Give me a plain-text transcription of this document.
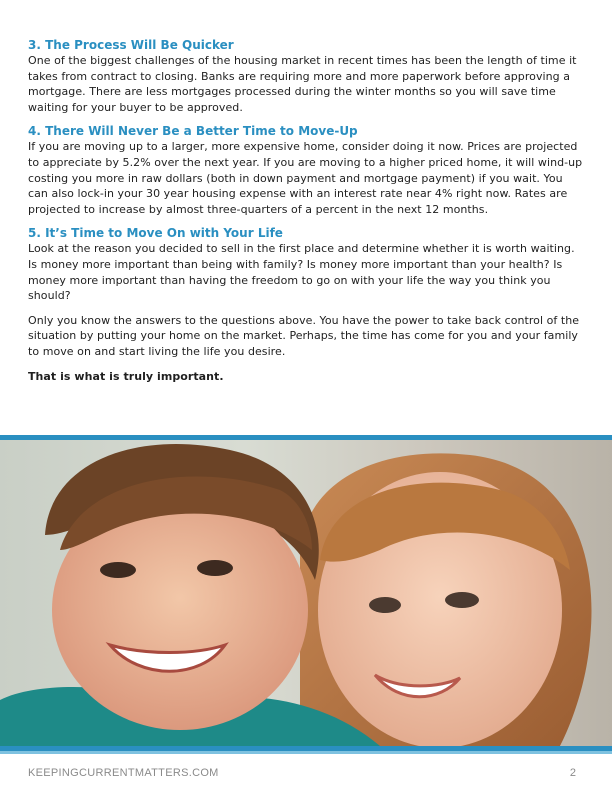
3. The Process Will Be Quicker

One of the biggest challenges of the housing market in recent times has been the length of time it takes from contract to closing. Banks are requiring more and more paperwork before approving a mortgage. There are less mortgages processed during the winter months so you will save time waiting for your buyer to be approved.

4. There Will Never Be a Better Time to Move-Up

If you are moving up to a larger, more expensive home, consider doing it now. Prices are projected to appreciate by 5.2% over the next year. If you are moving to a higher priced home, it will wind-up costing you more in raw dollars (both in down payment and mortgage payment) if you wait. You can also lock-in your 30 year housing expense with an interest rate near 4% right now. Rates are projected to increase by almost three-quarters of a percent in the next 12 months.

5. It’s Time to Move On with Your Life

Look at the reason you decided to sell in the first place and determine whether it is worth waiting. Is money more important than being with family? Is money more important than your health? Is money more important than having the freedom to go on with your life the way you think you should?

Only you know the answers to the questions above. You have the power to take back control of the situation by putting your home on the market. Perhaps, the time has come for you and your family to move on and start living the life you desire.

That is what is truly important.

KEEPINGCURRENTMATTERS.COM	2
